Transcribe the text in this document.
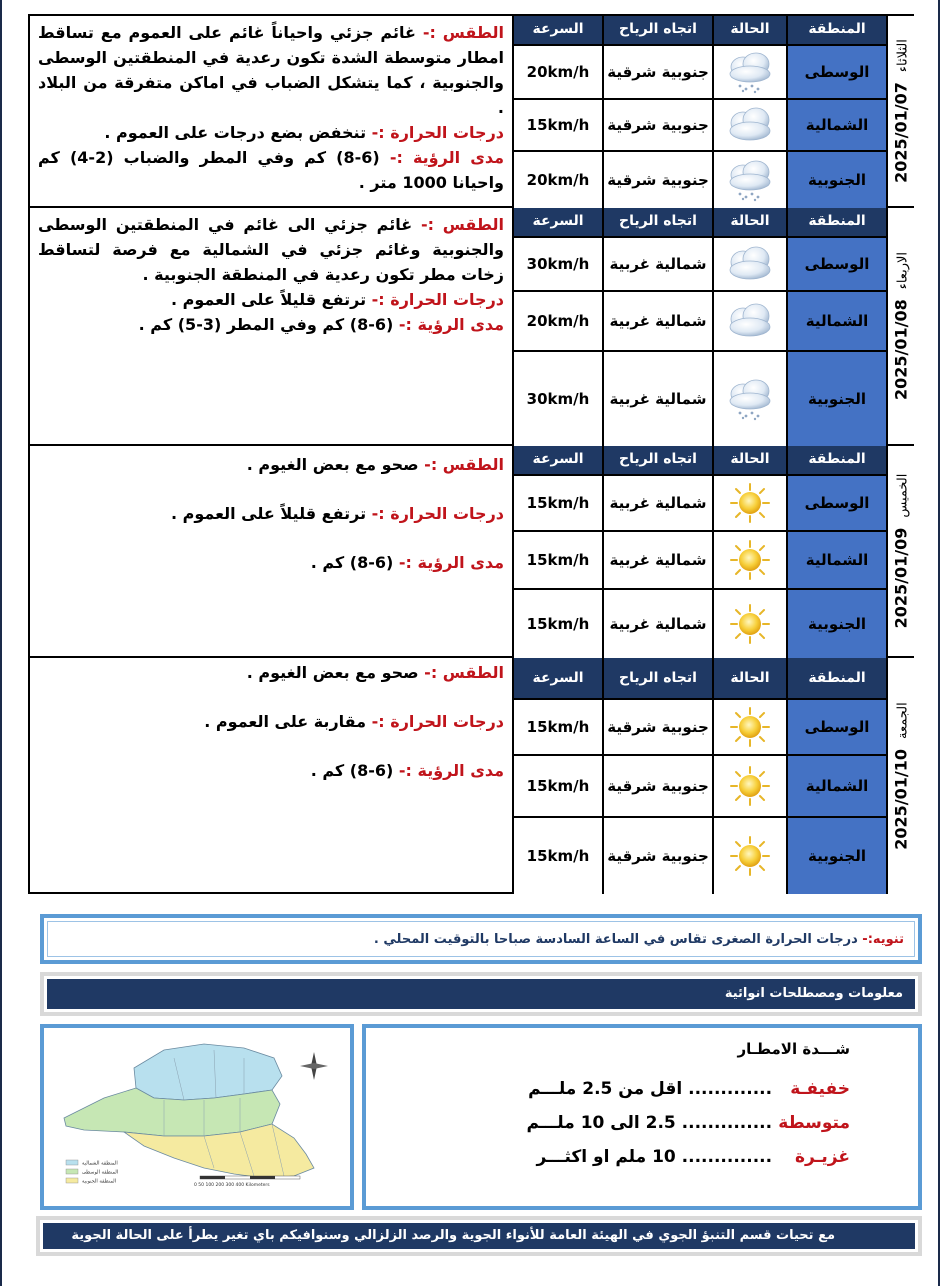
الطقس :- غائم جزئي واحياناً غائم على العموم مع تساقط امطار متوسطة الشدة تكون رعدية في المنطقتين الوسطى والجنوبية ، كما يتشكل الضباب في اماكن متفرقة من البلاد .

درجات الحرارة :- تنخفض بضع درجات على العموم .

مدى الرؤية :- (6-8) كم وفي المطر والضباب (2-4) كم واحيانا 1000 متر .

السرعة	اتجاه الرياح	الحالة	المنطقة
20km/h	جنوبية شرقية	الوسطى
15km/h	جنوبية شرقية	الشمالية
20km/h	جنوبية شرقية	الجنوبية	2025/01/07الثلاثاء

الطقس :- غائم جزئي الى غائم في المنطقتين الوسطى والجنوبية وغائم جزئي في الشمالية مع فرصة لتساقط زخات مطر تكون رعدية في المنطقة الجنوبية .

درجات الحرارة :- ترتفع قليلاً على العموم .

مدى الرؤية :- (6-8) كم وفي المطر (3-5) كم .

السرعة	اتجاه الرياح	الحالة	المنطقة
30km/h	شمالية غربية	الوسطى
20km/h	شمالية غربية	الشمالية
30km/h	شمالية غربية	الجنوبية	2025/01/08الاربعاء

الطقس :- صحو مع بعض الغيوم .

درجات الحرارة :- ترتفع قليلاً على العموم .

مدى الرؤية :- (6-8) كم .

السرعة	اتجاه الرياح	الحالة	المنطقة
15km/h	شمالية غربية	الوسطى
15km/h	شمالية غربية	الشمالية
15km/h	شمالية غربية	الجنوبية	2025/01/09الخميس

الطقس :- صحو مع بعض الغيوم .

درجات الحرارة :- مقاربة على العموم .

مدى الرؤية :- (6-8) كم .

السرعة	اتجاه الرياح	الحالة	المنطقة
15km/h	جنوبية شرقية	الوسطى
15km/h	جنوبية شرقية	الشمالية
15km/h	جنوبية شرقية	الجنوبية
2025/01/10الجمعة
تنويه:- درجات الحرارة الصغرى تقاس في الساعة السادسة صباحا بالتوقيت المحلي .
معلومات ومصطلحات انوائية
المنطقة الشمالية
المنطقة الوسطى
المنطقة الجنوبية
0 50 100 200 300 400 Kilometers
شـــدة الامطـار
خفيفـة ............. اقل من 2.5 ملـــم
متوسطة .............. 2.5 الى 10 ملـــم
غزيـرة .............. 10 ملم او اكثـــر
مع تحيات قسم التنبؤ الجوي في الهيئة العامة للأنواء الجوية والرصد الزلزالي وسنوافيكم باي تغير يطرأ على الحالة الجوية
